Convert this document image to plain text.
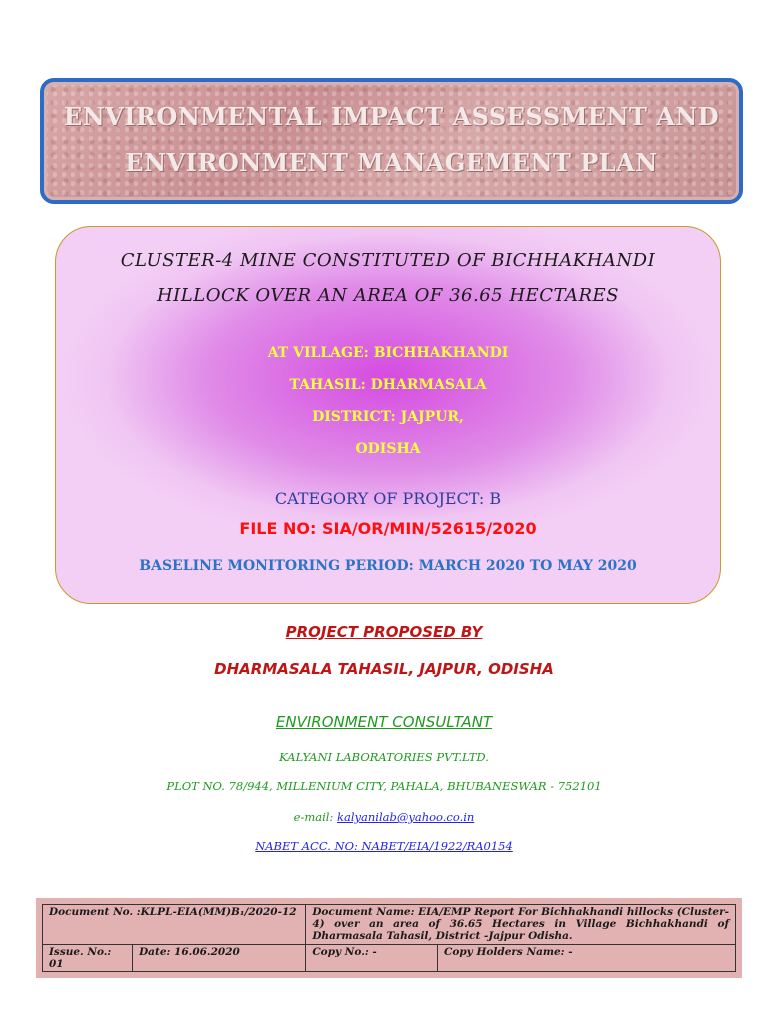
ENVIRONMENTAL IMPACT ASSESSMENT AND
ENVIRONMENT MANAGEMENT PLAN
CLUSTER-4 MINE CONSTITUTED OF BICHHAKHANDI
HILLOCK OVER AN AREA OF 36.65 HECTARES
AT VILLAGE: BICHHAKHANDI
TAHASIL: DHARMASALA
DISTRICT: JAJPUR,
ODISHA
CATEGORY OF PROJECT: B
FILE NO: SIA/OR/MIN/52615/2020
BASELINE MONITORING PERIOD: MARCH 2020 TO MAY 2020
PROJECT PROPOSED BY
DHARMASALA TAHASIL, JAJPUR, ODISHA
ENVIRONMENT CONSULTANT
KALYANI LABORATORIES PVT.LTD.
PLOT NO. 78/944, MILLENIUM CITY, PAHALA, BHUBANESWAR - 752101
e-mail: kalyanilab@yahoo.co.in
NABET ACC. NO: NABET/EIA/1922/RA0154
Document No. :KLPL-EIA(MM)B₁/2020-12		Document Name: EIA/EMP Report For Bichhakhandi hillocks (Cluster-4) over an area of 36.65 Hectares in Village Bichhakhandi of Dharmasala Tahasil, District -Jajpur Odisha.	
Issue. No.: 01	Date: 16.06.2020	Copy No.: -	Copy Holders Name: -
